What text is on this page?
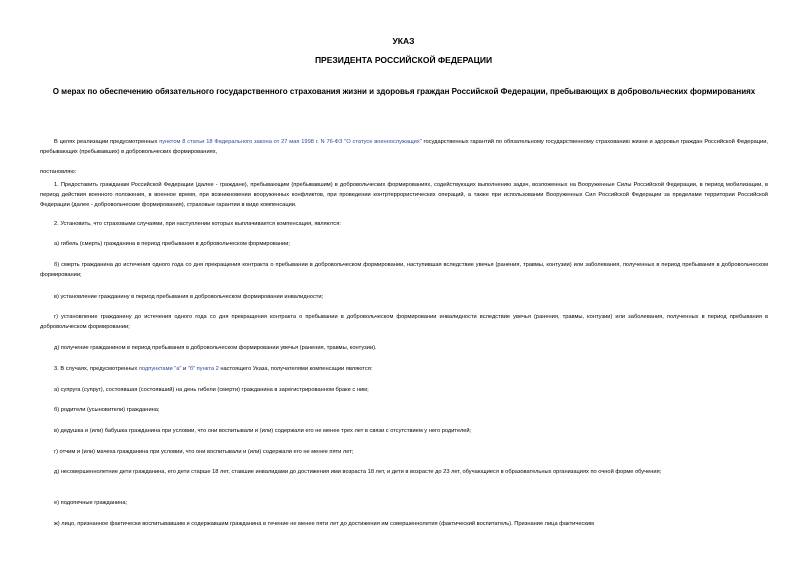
УКАЗ
ПРЕЗИДЕНТА РОССИЙСКОЙ ФЕДЕРАЦИИ
О мерах по обеспечению обязательного государственного страхования жизни и здоровья граждан Российской Федерации, пребывающих в добровольческих формированиях
В целях реализации предусмотренных пунктом 8 статьи 18 Федерального закона от 27 мая 1998 г. N 76-ФЗ "О статусе военнослужащих" государственных гарантий по обязательному государственному страхованию жизни и здоровья граждан Российской Федерации, пребывающих (пребывавших) в добровольческих формированиях,
постановляю:
1. Предоставить гражданам Российской Федерации (далее - граждане), пребывающим (пребывавшим) в добровольческих формированиях, содействующих выполнению задач, возложенных на Вооруженные Силы Российской Федерации, в период мобилизации, в период действия военного положения, в военное время, при возникновении вооруженных конфликтов, при проведении контртеррористических операций, а также при использовании Вооруженных Сил Российской Федерации за пределами территории Российской Федерации (далее - добровольческие формирования), страховые гарантии в виде компенсации.
2. Установить, что страховыми случаями, при наступлении которых выплачивается компенсация, являются:
а) гибель (смерть) гражданина в период пребывания в добровольческом формировании;
б) смерть гражданина до истечения одного года со дня прекращения контракта о пребывании в добровольческом формировании, наступившая вследствие увечья (ранения, травмы, контузии) или заболевания, полученных в период пребывания в добровольческом формировании;
в) установление гражданину в период пребывания в добровольческом формировании инвалидности;
г) установление гражданину до истечения одного года со дня прекращения контракта о пребывании в добровольческом формировании инвалидности вследствие увечья (ранения, травмы, контузии) или заболевания, полученных в период пребывания в добровольческом формировании;
д) получение гражданином в период пребывания в добровольческом формировании увечья (ранения, травмы, контузии).
3. В случаях, предусмотренных подпунктами "а" и "б" пункта 2 настоящего Указа, получателями компенсации являются:
а) супруга (супруг), состоявшая (состоявший) на день гибели (смерти) гражданина в зарегистрированном браке с ним;
б) родители (усыновители) гражданина;
в) дедушка и (или) бабушка гражданина при условии, что они воспитывали и (или) содержали его не менее трех лет в связи с отсутствием у него родителей;
г) отчим и (или) мачеха гражданина при условии, что они воспитывали и (или) содержали его не менее пяти лет;
д) несовершеннолетние дети гражданина, его дети старше 18 лет, ставшие инвалидами до достижения ими возраста 18 лет, и дети в возрасте до 23 лет, обучающиеся в образовательных организациях по очной форме обучения;
е) подопечные гражданина;
ж) лицо, признанное фактически воспитывавшим и содержавшим гражданина в течение не менее пяти лет до достижения им совершеннолетия (фактический воспитатель). Признание лица фактическим
